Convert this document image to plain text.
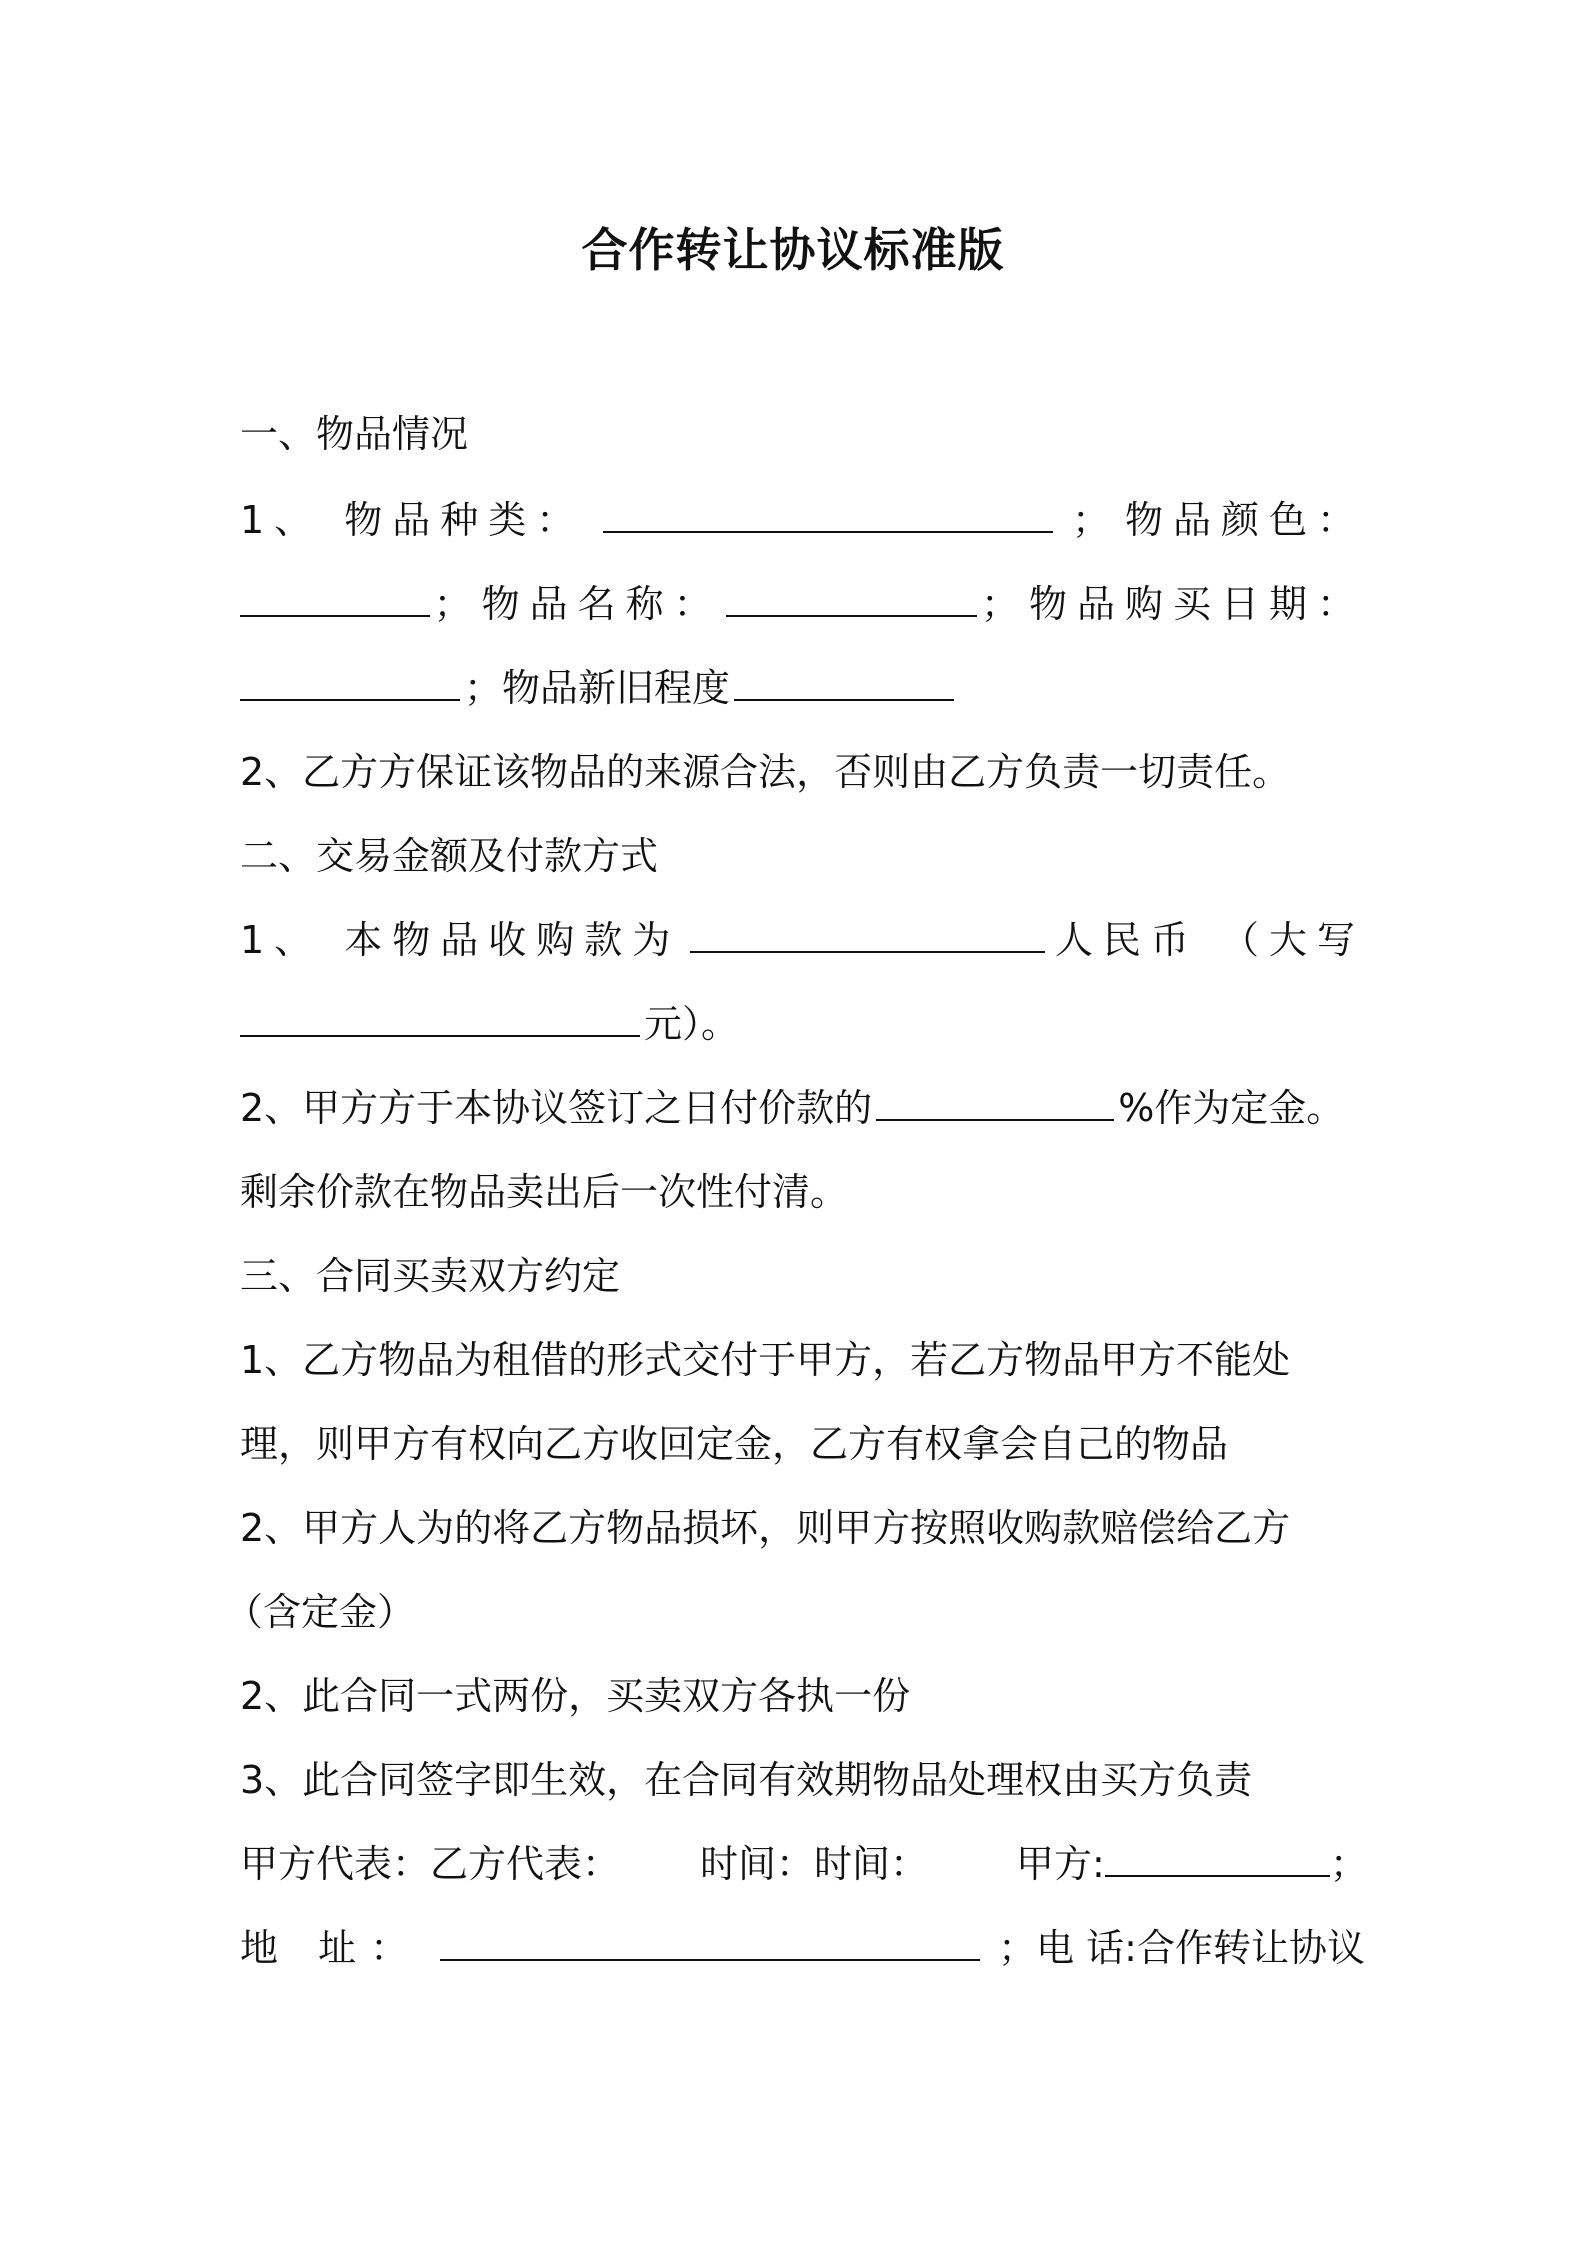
合作转让协议标准版
一、物品情况
1、 物品种类：	； 物品颜色：
；物品名称：	；物品购买日期：
；物品新旧程度
2、乙方方保证该物品的来源合法，否则由乙方负责一切责任。
二、交易金额及付款方式
1、 本物品收购款为	人民币 （大写
元）。
2、甲方方于本协议签订之日付价款的	%作为定金。
剩余价款在物品卖出后一次性付清。
三、合同买卖双方约定
1、乙方物品为租借的形式交付于甲方，若乙方物品甲方不能处
理，则甲方有权向乙方收回定金，乙方有权拿会自己的物品
2、甲方人为的将乙方物品损坏，则甲方按照收购款赔偿给乙方
（含定金）
2、此合同一式两份，买卖双方各执一份
3、此合同签字即生效，在合同有效期物品处理权由买方负责
甲方代表：乙方代表： 时间：时间： 甲方:	；
地 址：	；电 话:合作转让协议
